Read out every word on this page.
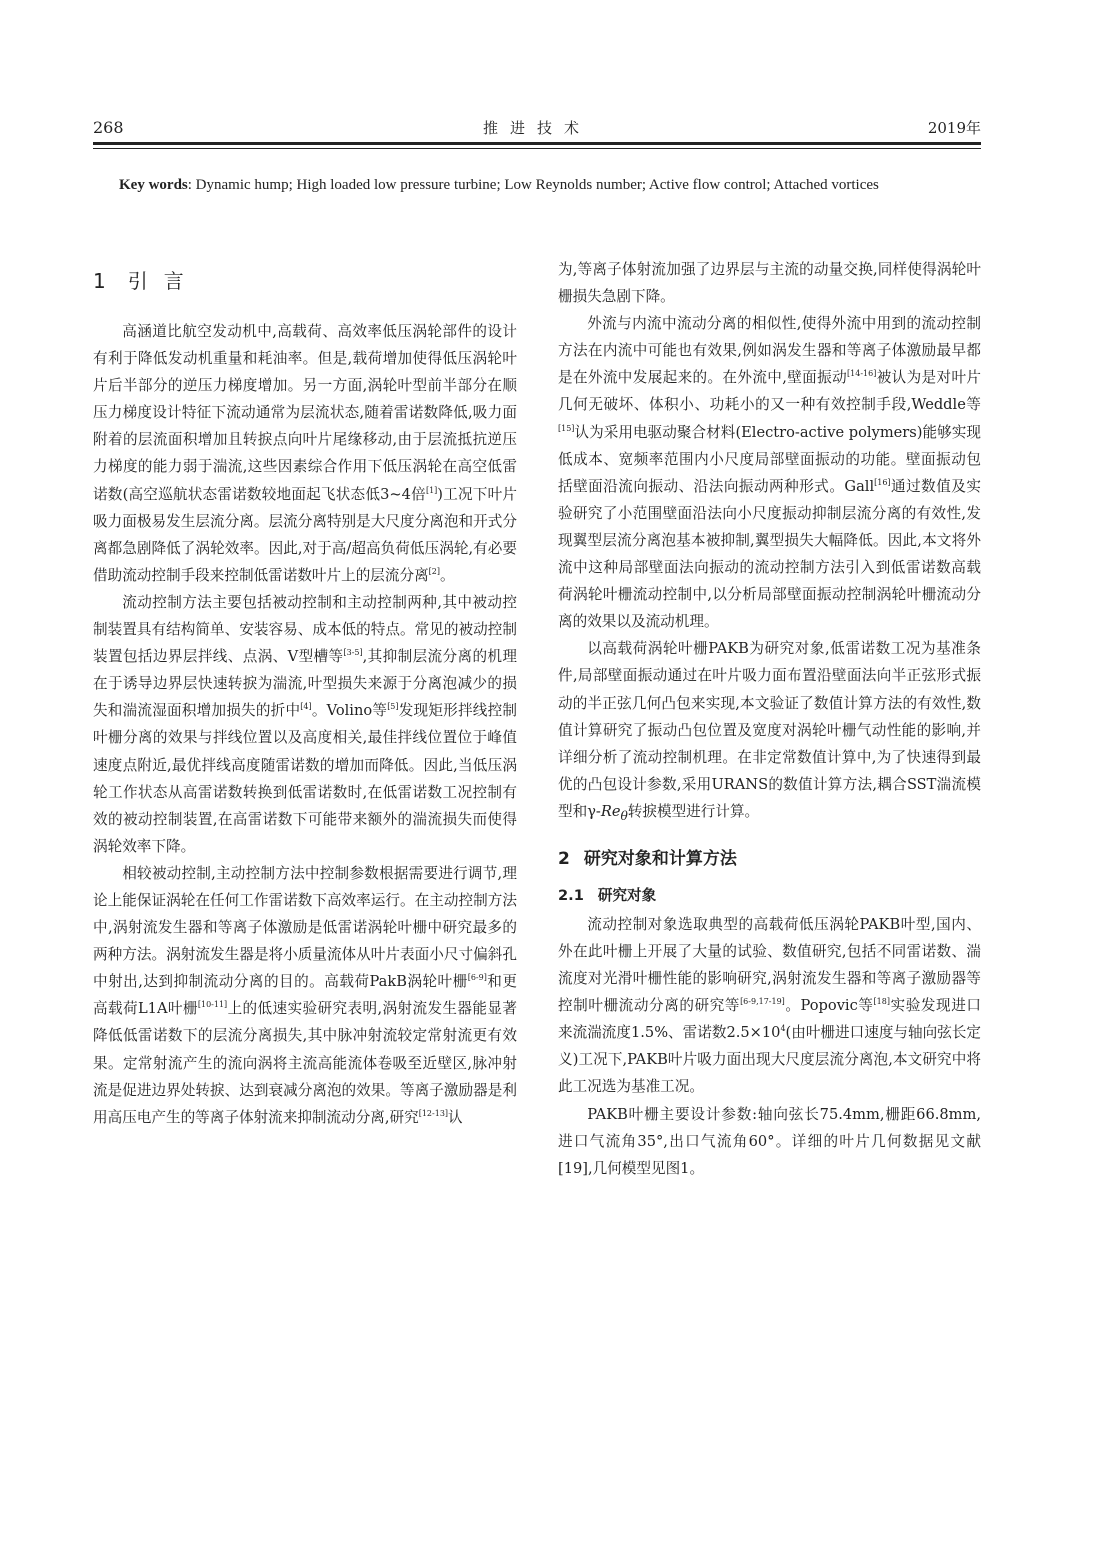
268	推进技术	2019年
Key words: Dynamic hump; High loaded low pressure turbine; Low Reynolds number; Active flow control; Attached vortices
1 引言

高涵道比航空发动机中,高载荷、高效率低压涡轮部件的设计有利于降低发动机重量和耗油率。但是,载荷增加使得低压涡轮叶片后半部分的逆压力梯度增加。另一方面,涡轮叶型前半部分在顺压力梯度设计特征下流动通常为层流状态,随着雷诺数降低,吸力面附着的层流面积增加且转捩点向叶片尾缘移动,由于层流抵抗逆压力梯度的能力弱于湍流,这些因素综合作用下低压涡轮在高空低雷诺数(高空巡航状态雷诺数较地面起飞状态低3~4倍[1])工况下叶片吸力面极易发生层流分离。层流分离特别是大尺度分离泡和开式分离都急剧降低了涡轮效率。因此,对于高/超高负荷低压涡轮,有必要借助流动控制手段来控制低雷诺数叶片上的层流分离[2]。

流动控制方法主要包括被动控制和主动控制两种,其中被动控制装置具有结构简单、安装容易、成本低的特点。常见的被动控制装置包括边界层拌线、点涡、V型槽等[3-5],其抑制层流分离的机理在于诱导边界层快速转捩为湍流,叶型损失来源于分离泡减少的损失和湍流湿面积增加损失的折中[4]。Volino等[5]发现矩形拌线控制叶栅分离的效果与拌线位置以及高度相关,最佳拌线位置位于峰值速度点附近,最优拌线高度随雷诺数的增加而降低。因此,当低压涡轮工作状态从高雷诺数转换到低雷诺数时,在低雷诺数工况控制有效的被动控制装置,在高雷诺数下可能带来额外的湍流损失而使得涡轮效率下降。

相较被动控制,主动控制方法中控制参数根据需要进行调节,理论上能保证涡轮在任何工作雷诺数下高效率运行。在主动控制方法中,涡射流发生器和等离子体激励是低雷诺涡轮叶栅中研究最多的两种方法。涡射流发生器是将小质量流体从叶片表面小尺寸偏斜孔中射出,达到抑制流动分离的目的。高载荷PakB涡轮叶栅[6-9]和更高载荷L1A叶栅[10-11]上的低速实验研究表明,涡射流发生器能显著降低低雷诺数下的层流分离损失,其中脉冲射流较定常射流更有效果。定常射流产生的流向涡将主流高能流体卷吸至近壁区,脉冲射流是促进边界处转捩、达到衰减分离泡的效果。等离子激励器是利用高压电产生的等离子体射流来抑制流动分离,研究[12-13]认

为,等离子体射流加强了边界层与主流的动量交换,同样使得涡轮叶栅损失急剧下降。

外流与内流中流动分离的相似性,使得外流中用到的流动控制方法在内流中可能也有效果,例如涡发生器和等离子体激励最早都是在外流中发展起来的。在外流中,壁面振动[14-16]被认为是对叶片几何无破坏、体积小、功耗小的又一种有效控制手段,Weddle等[15]认为采用电驱动聚合材料(Electro-active polymers)能够实现低成本、宽频率范围内小尺度局部壁面振动的功能。壁面振动包括壁面沿流向振动、沿法向振动两种形式。Gall[16]通过数值及实验研究了小范围壁面沿法向小尺度振动抑制层流分离的有效性,发现翼型层流分离泡基本被抑制,翼型损失大幅降低。因此,本文将外流中这种局部壁面法向振动的流动控制方法引入到低雷诺数高载荷涡轮叶栅流动控制中,以分析局部壁面振动控制涡轮叶栅流动分离的效果以及流动机理。

以高载荷涡轮叶栅PAKB为研究对象,低雷诺数工况为基准条件,局部壁面振动通过在叶片吸力面布置沿壁面法向半正弦形式振动的半正弦几何凸包来实现,本文验证了数值计算方法的有效性,数值计算研究了振动凸包位置及宽度对涡轮叶栅气动性能的影响,并详细分析了流动控制机理。在非定常数值计算中,为了快速得到最优的凸包设计参数,采用URANS的数值计算方法,耦合SST湍流模型和$\gamma-Re_\theta$转捩模型进行计算。

2 研究对象和计算方法
2.1 研究对象

流动控制对象选取典型的高载荷低压涡轮PAKB叶型,国内、外在此叶栅上开展了大量的试验、数值研究,包括不同雷诺数、湍流度对光滑叶栅性能的影响研究,涡射流发生器和等离子激励器等控制叶栅流动分离的研究等[6-9,17-19]。Popovic等[18]实验发现进口来流湍流度1.5%、雷诺数$2.5\times 10^4$(由叶栅进口速度与轴向弦长定义)工况下,PAKB叶片吸力面出现大尺度层流分离泡,本文研究中将此工况选为基准工况。

PAKB叶栅主要设计参数:轴向弦长75.4mm,栅距66.8mm,进口气流角35°,出口气流角60°。详细的叶片几何数据见文献[19],几何模型见图1。
